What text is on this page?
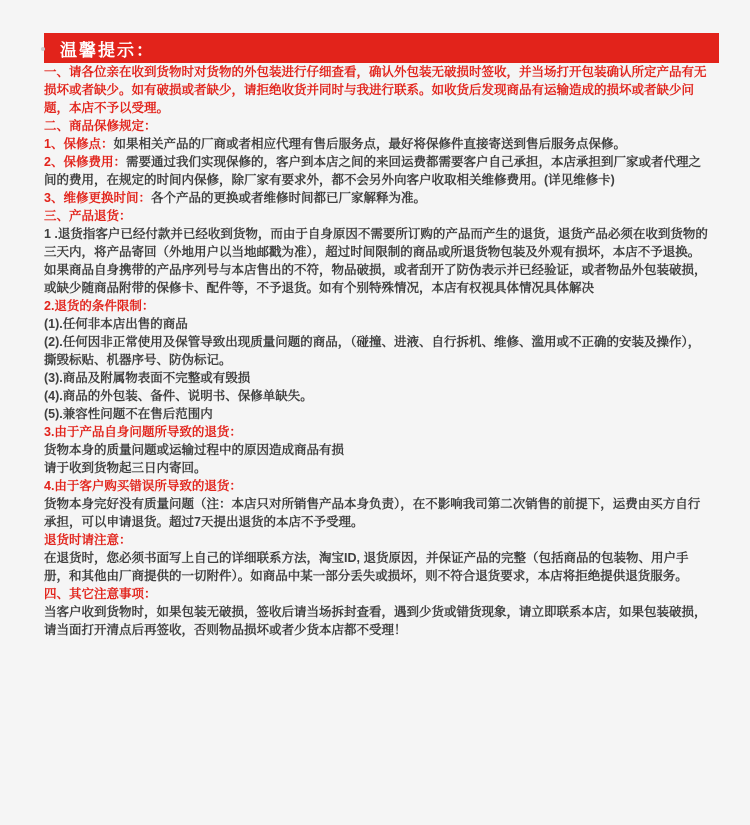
温馨提示：

一、请各位亲在收到货物时对货物的外包装进行仔细查看，确认外包装无破损时签收，并当场打开包装确认所定产品有无损坏或者缺少。如有破损或者缺少，请拒绝收货并同时与我进行联系。如收货后发现商品有运输造成的损坏或者缺少问题，本店不予以受理。

二、商品保修规定：

1、保修点：如果相关产品的厂商或者相应代理有售后服务点，最好将保修件直接寄送到售后服务点保修。

2、保修费用：需要通过我们实现保修的，客户到本店之间的来回运费都需要客户自己承担，本店承担到厂家或者代理之间的费用，在规定的时间内保修，除厂家有要求外，都不会另外向客户收取相关维修费用。(详见维修卡)

3、维修更换时间：各个产品的更换或者维修时间都已厂家解释为准。

三、产品退货：

1 .退货指客户已经付款并已经收到货物，而由于自身原因不需要所订购的产品而产生的退货，退货产品必须在收到货物的三天内，将产品寄回（外地用户以当地邮戳为准），超过时间限制的商品或所退货物包装及外观有损坏，本店不予退换。如果商品自身携带的产品序列号与本店售出的不符，物品破损，或者刮开了防伪表示并已经验证，或者物品外包装破损，或缺少随商品附带的保修卡、配件等，不予退货。如有个别特殊情况，本店有权视具体情况具体解决

2.退货的条件限制：

(1).任何非本店出售的商品
(2).任何因非正常使用及保管导致出现质量问题的商品，（碰撞、进液、自行拆机、维修、滥用或不正确的安装及操作），撕毁标贴、机器序号、防伪标记。
(3).商品及附属物表面不完整或有毁损
(4).商品的外包装、备件、说明书、保修单缺失。
(5).兼容性问题不在售后范围内

3.由于产品自身问题所导致的退货：

货物本身的质量问题或运输过程中的原因造成商品有损
请于收到货物起三日内寄回。

4.由于客户购买错误所导致的退货：

货物本身完好没有质量问题（注：本店只对所销售产品本身负责），在不影响我司第二次销售的前提下，运费由买方自行承担，可以申请退货。超过7天提出退货的本店不予受理。

退货时请注意：

在退货时，您必须书面写上自己的详细联系方法，淘宝ID, 退货原因，并保证产品的完整（包括商品的包装物、用户手册，和其他由厂商提供的一切附件）。如商品中某一部分丢失或损坏，则不符合退货要求，本店将拒绝提供退货服务。

四、其它注意事项：

当客户收到货物时，如果包装无破损，签收后请当场拆封查看，遇到少货或错货现象，请立即联系本店，如果包装破损，请当面打开清点后再签收，否则物品损坏或者少货本店都不受理！
